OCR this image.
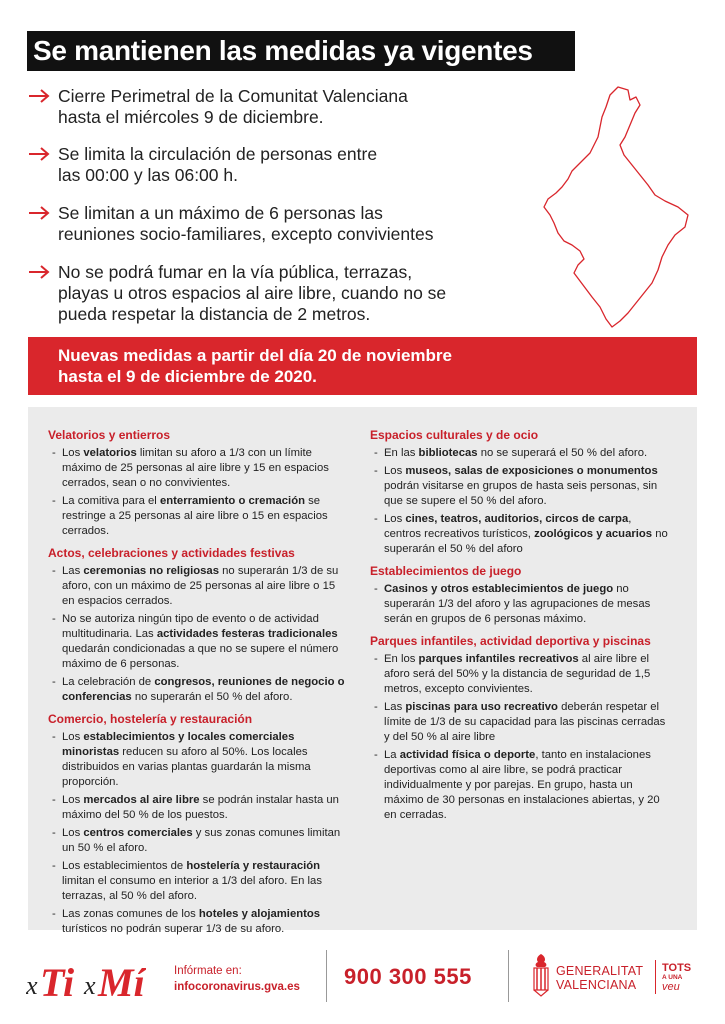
Se mantienen las medidas ya vigentes
Cierre Perimetral de la Comunitat Valenciana
hasta el miércoles 9 de diciembre.
Se limita la circulación de personas entre
las 00:00 y las 06:00 h.
Se limitan a un máximo de 6 personas las
reuniones socio-familiares, excepto convivientes
No se podrá fumar en la vía pública, terrazas,
playas u otros espacios al aire libre, cuando no se
pueda respetar la distancia de 2 metros.
Nuevas medidas a partir del día 20 de noviembre
hasta el 9 de diciembre de 2020.
Velatorios y entierros
- Los velatorios limitan su aforo a 1/3 con un límite máximo de 25 personas al aire libre y 15 en espacios cerrados, sean o no convivientes.
- La comitiva para el enterramiento o cremación se restringe a 25 personas al aire libre o 15 en espacios cerrados.
Actos, celebraciones y actividades festivas
- Las ceremonias no religiosas no superarán 1/3 de su aforo, con un máximo de 25 personas al aire libre o 15 en espacios cerrados.
- No se autoriza ningún tipo de evento o de actividad multitudinaria. Las actividades festeras tradicionales quedarán condicionadas a que no se supere el número máximo de 6 personas.
- La celebración de congresos, reuniones de negocio o conferencias no superarán el 50 % del aforo.
Comercio, hostelería y restauración
- Los establecimientos y locales comerciales minoristas reducen su aforo al 50%. Los locales distribuidos en varias plantas guardarán la misma proporción.
- Los mercados al aire libre se podrán instalar hasta un máximo del 50 % de los puestos.
- Los centros comerciales y sus zonas comunes limitan un 50 % el aforo.
- Los establecimientos de hostelería y restauración limitan el consumo en interior a 1/3 del aforo. En las terrazas, al 50 % del aforo.
- Las zonas comunes de los hoteles y alojamientos turísticos no podrán superar 1/3 de su aforo.
Espacios culturales y de ocio
- En las bibliotecas no se superará el 50 % del aforo.
- Los museos, salas de exposiciones o monumentos podrán visitarse en grupos de hasta seis personas, sin que se supere el 50 % del aforo.
- Los cines, teatros, auditorios, circos de carpa, centros recreativos turísticos, zoológicos y acuarios no superarán el 50 % del aforo
Establecimientos de juego
- Casinos y otros establecimientos de juego no superarán 1/3 del aforo y las agrupaciones de mesas serán en grupos de 6 personas máximo.
Parques infantiles, actividad deportiva y piscinas
- En los parques infantiles recreativos al aire libre el aforo será del 50% y la distancia de seguridad de 1,5 metros, excepto convivientes.
- Las piscinas para uso recreativo deberán respetar el límite de 1/3 de su capacidad para las piscinas cerradas y del 50 % al aire libre
- La actividad física o deporte, tanto en instalaciones deportivas como al aire libre, se podrá practicar individualmente y por parejas. En grupo, hasta un máximo de 30 personas en instalaciones abiertas, y 20 en cerradas.
x Ti x Mí	Infórmate en:
infocoronavirus.gva.es 900 300 555	GENERALITAT
VALENCIANA
TOTS
A UNA
veu
